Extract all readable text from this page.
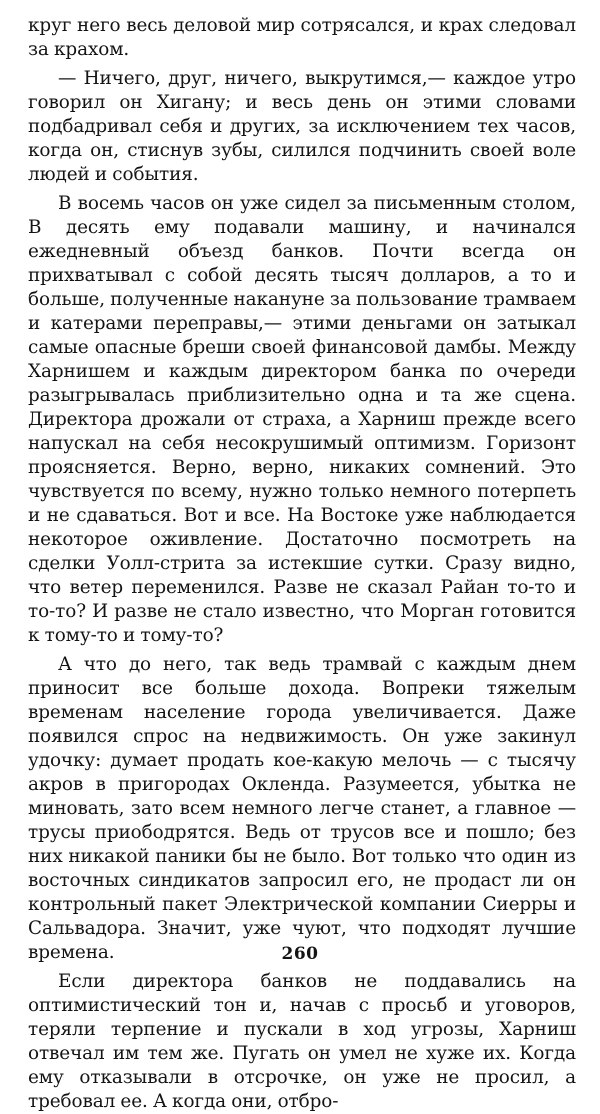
круг него весь деловой мир сотрясался, и крах следовал за крахом.

— Ничего, друг, ничего, выкрутимся,— каждое утро говорил он Хигану; и весь день он этими словами подбадривал себя и других, за исключением тех часов, когда он, стиснув зубы, силился подчинить своей воле людей и события.

В восемь часов он уже сидел за письменным столом, В десять ему подавали машину, и начинался ежедневный объезд банков. Почти всегда он прихватывал с собой десять тысяч долларов, а то и больше, полученные накануне за пользование трамваем и катерами переправы,— этими деньгами он затыкал самые опасные бреши своей финансовой дамбы. Между Харнишем и каждым директором банка по очереди разыгрывалась приблизительно одна и та же сцена. Директора дрожали от страха, а Харниш прежде всего напускал на себя несокрушимый оптимизм. Горизонт проясняется. Верно, верно, никаких сомнений. Это чувствуется по всему, нужно только немного потерпеть и не сдаваться. Вот и все. На Востоке уже наблюдается некоторое оживление. Достаточно посмотреть на сделки Уолл-стрита за истекшие сутки. Сразу видно, что ветер переменился. Разве не сказал Райан то-то и то-то? И разве не стало известно, что Морган готовится к тому-то и тому-то?

А что до него, так ведь трамвай с каждым днем приносит все больше дохода. Вопреки тяжелым временам население города увеличивается. Даже появился спрос на недвижимость. Он уже закинул удочку: думает продать кое-какую мелочь — с тысячу акров в пригородах Окленда. Разумеется, убытка не миновать, зато всем немного легче станет, а главное — трусы приободрятся. Ведь от трусов все и пошло; без них никакой паники бы не было. Вот только что один из восточных синдикатов запросил его, не продаст ли он контрольный пакет Электрической компании Сиерры и Сальвадора. Значит, уже чуют, что подходят лучшие времена.

Если директора банков не поддавались на оптимистический тон и, начав с просьб и уговоров, теряли терпение и пускали в ход угрозы, Харниш отвечал им тем же. Пугать он умел не хуже их. Когда ему отказывали в отсрочке, он уже не просил, а требовал ее. А когда они, отбро-

260
